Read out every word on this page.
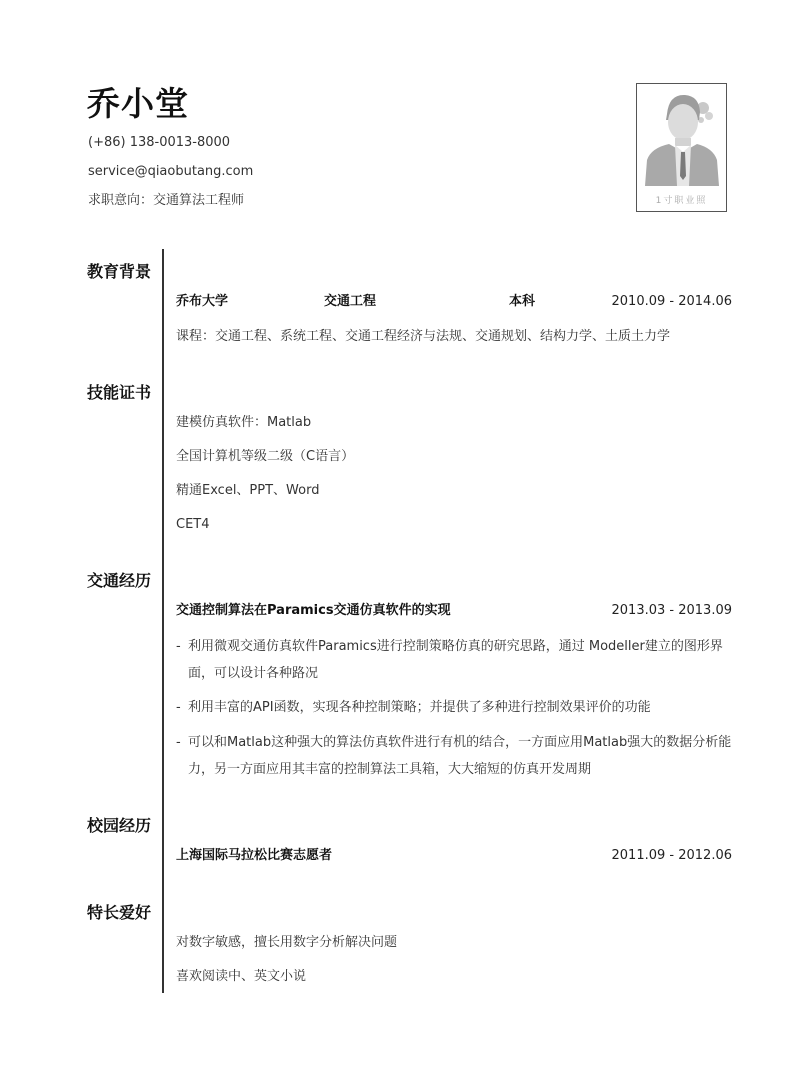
乔小堂
(+86) 138-0013-8000
service@qiaobutang.com
求职意向：交通算法工程师	1寸职业照
教育背景
乔布大学	交通工程	本科	2010.09 - 2014.06
课程：交通工程、系统工程、交通工程经济与法规、交通规划、结构力学、土质土力学
技能证书
建模仿真软件：Matlab
全国计算机等级二级（C语言）
精通Excel、PPT、Word
CET4
交通经历
交通控制算法在Paramics交通仿真软件的实现	2013.03 - 2013.09
- 利用微观交通仿真软件Paramics进行控制策略仿真的研究思路，通过 Modeller建立的图形界面，可以设计各种路况
- 利用丰富的API函数，实现各种控制策略；并提供了多种进行控制效果评价的功能
- 可以和Matlab这种强大的算法仿真软件进行有机的结合，一方面应用Matlab强大的数据分析能力，另一方面应用其丰富的控制算法工具箱，大大缩短的仿真开发周期
校园经历
上海国际马拉松比赛志愿者	2011.09 - 2012.06
特长爱好
对数字敏感，擅长用数字分析解决问题
喜欢阅读中、英文小说
